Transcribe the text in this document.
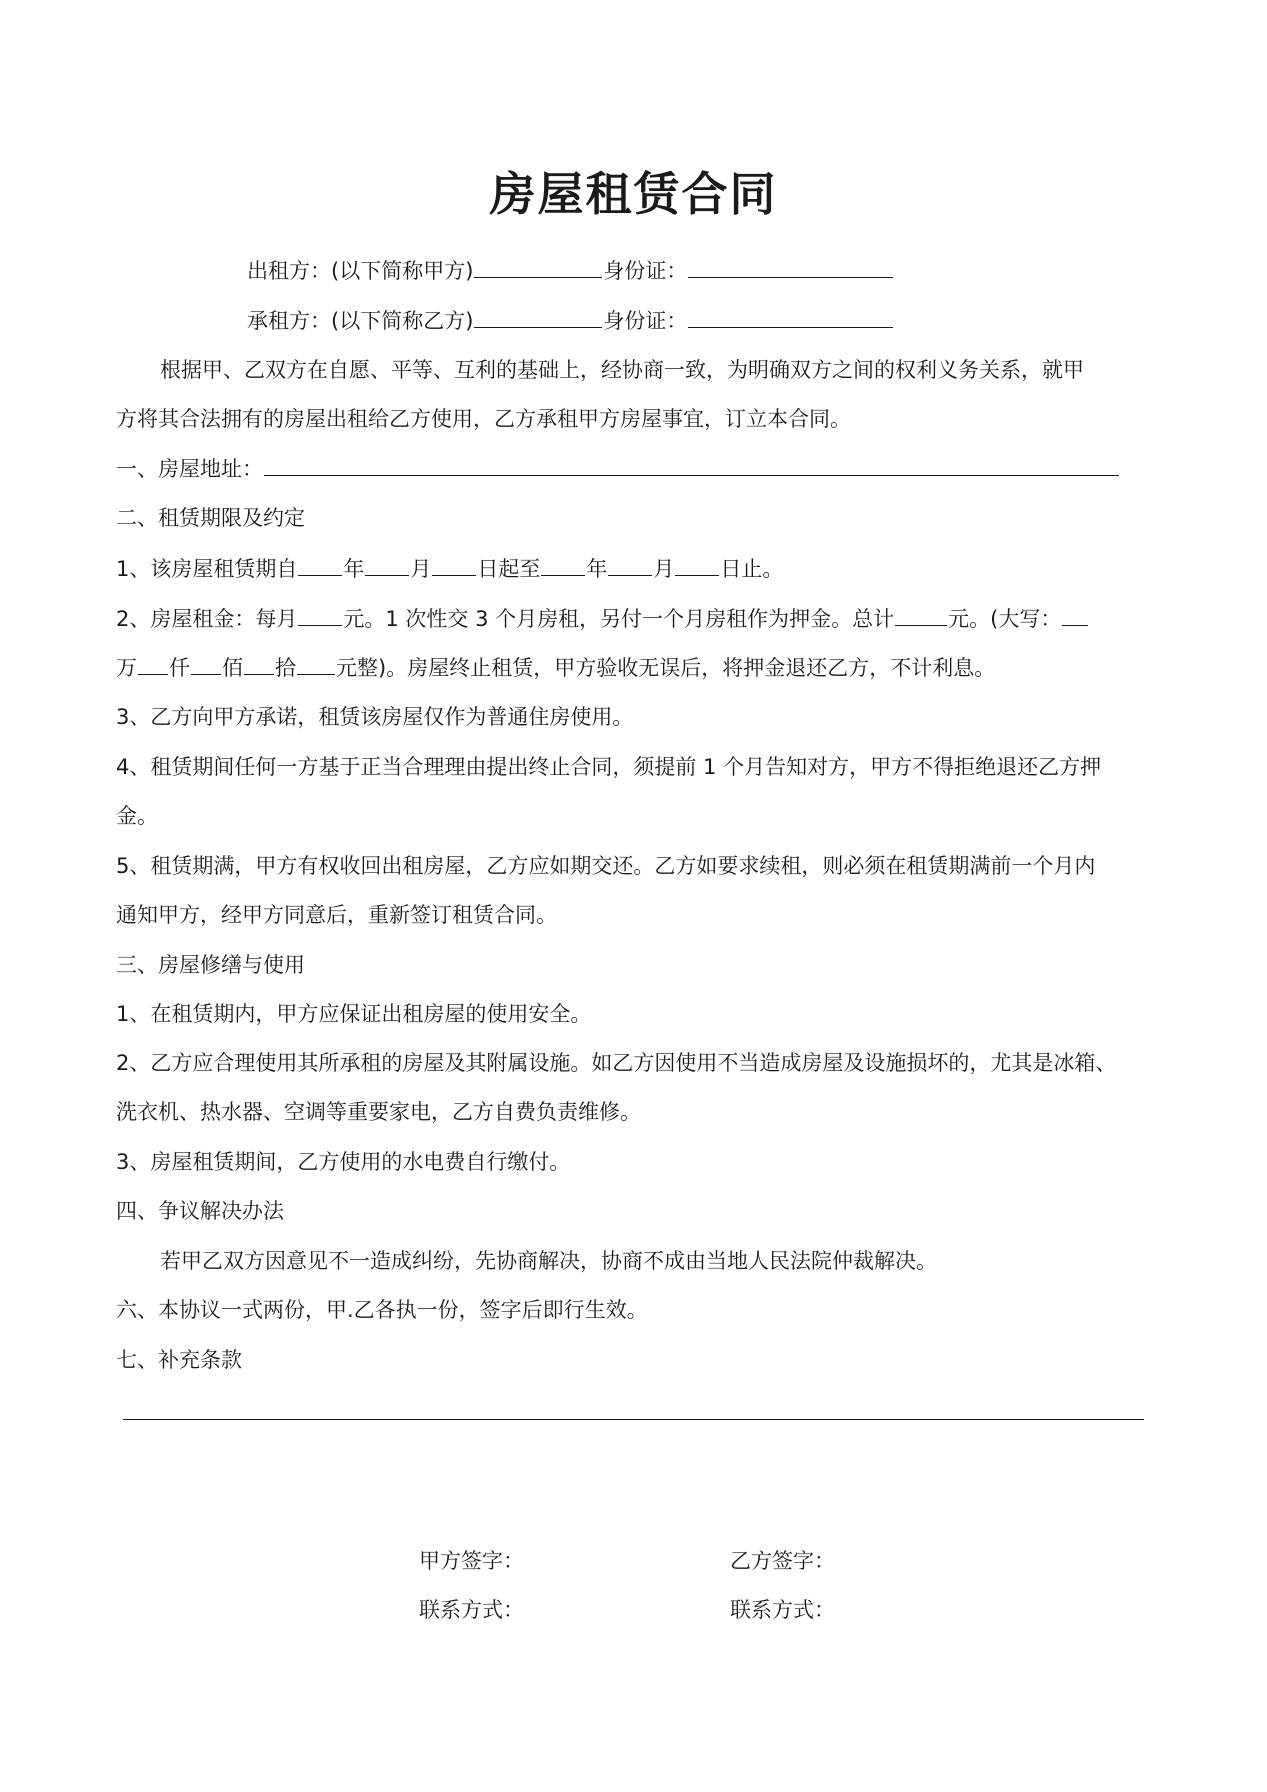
房屋租赁合同
出租方：(以下简称甲方)	身份证：
承租方：(以下简称乙方)	身份证：
根据甲、乙双方在自愿、平等、互利的基础上，经协商一致，为明确双方之间的权利义务关系，就甲
方将其合法拥有的房屋出租给乙方使用，乙方承租甲方房屋事宜，订立本合同。
一、房屋地址：
二、租赁期限及约定
1、该房屋租赁期自 年 月 日起至 年 月 日止。
2、房屋租金：每月 元。1 次性交 3 个月房租，另付一个月房租作为押金。总计	元。(大写：
万 仟 佰 拾 元整)。房屋终止租赁，甲方验收无误后，将押金退还乙方，不计利息。
3、乙方向甲方承诺，租赁该房屋仅作为普通住房使用。
4、租赁期间任何一方基于正当合理理由提出终止合同，须提前 1 个月告知对方，甲方不得拒绝退还乙方押
金。
5、租赁期满，甲方有权收回出租房屋，乙方应如期交还。乙方如要求续租，则必须在租赁期满前一个月内
通知甲方，经甲方同意后，重新签订租赁合同。
三、房屋修缮与使用
1、在租赁期内，甲方应保证出租房屋的使用安全。
2、乙方应合理使用其所承租的房屋及其附属设施。如乙方因使用不当造成房屋及设施损坏的，尤其是冰箱、
洗衣机、热水器、空调等重要家电，乙方自费负责维修。
3、房屋租赁期间，乙方使用的水电费自行缴付。
四、争议解决办法
若甲乙双方因意见不一造成纠纷，先协商解决，协商不成由当地人民法院仲裁解决。
六、本协议一式两份，甲.乙各执一份，签字后即行生效。
七、补充条款
甲方签字：	乙方签字：
联系方式：	联系方式：
